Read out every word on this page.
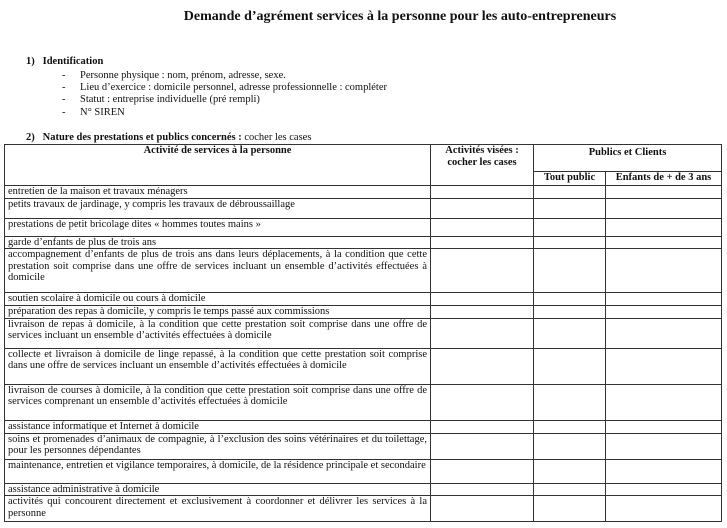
Demande d’agrément services à la personne pour les auto-entrepreneurs
1)   Identification
- Personne physique : nom, prénom, adresse, sexe.
- Lieu d’exercice : domicile personnel, adresse professionnelle : compléter
- Statut : entreprise individuelle (pré rempli)
- N° SIREN
2)   Nature des prestations et publics concernés : cocher les cases
Activité de services à la personne	Activités visées : cocher les cases	Publics et Clients	
		Tout public	Enfants de + de 3 ans
entretien de la maison et travaux ménagers			
petits travaux de jardinage, y compris les travaux de débroussaillage			
prestations de petit bricolage dites « hommes toutes mains »			
garde d’enfants de plus de trois ans			
accompagnement d’enfants de plus de trois ans dans leurs déplacements, à la condition que cette prestation soit comprise dans une offre de services incluant un ensemble d’activités effectuées à domicile			
soutien scolaire à domicile ou cours à domicile			
préparation des repas à domicile, y compris le temps passé aux commissions			
livraison de repas à domicile, à la condition que cette prestation soit comprise dans une offre de services incluant un ensemble d’activités effectuées à domicile			
collecte et livraison à domicile de linge repassé, à la condition que cette prestation soit comprise dans une offre de services incluant un ensemble d’activités effectuées à domicile			
livraison de courses à domicile, à la condition que cette prestation soit comprise dans une offre de services comprenant un ensemble d’activités effectuées à domicile			
assistance informatique et Internet à domicile			
soins et promenades d’animaux de compagnie, à l’exclusion des soins vétérinaires et du toilettage, pour les personnes dépendantes			
maintenance, entretien et vigilance temporaires, à domicile, de la résidence principale et secondaire			
assistance administrative à domicile			
activités qui concourent directement et exclusivement à coordonner et délivrer les services à la personne			
